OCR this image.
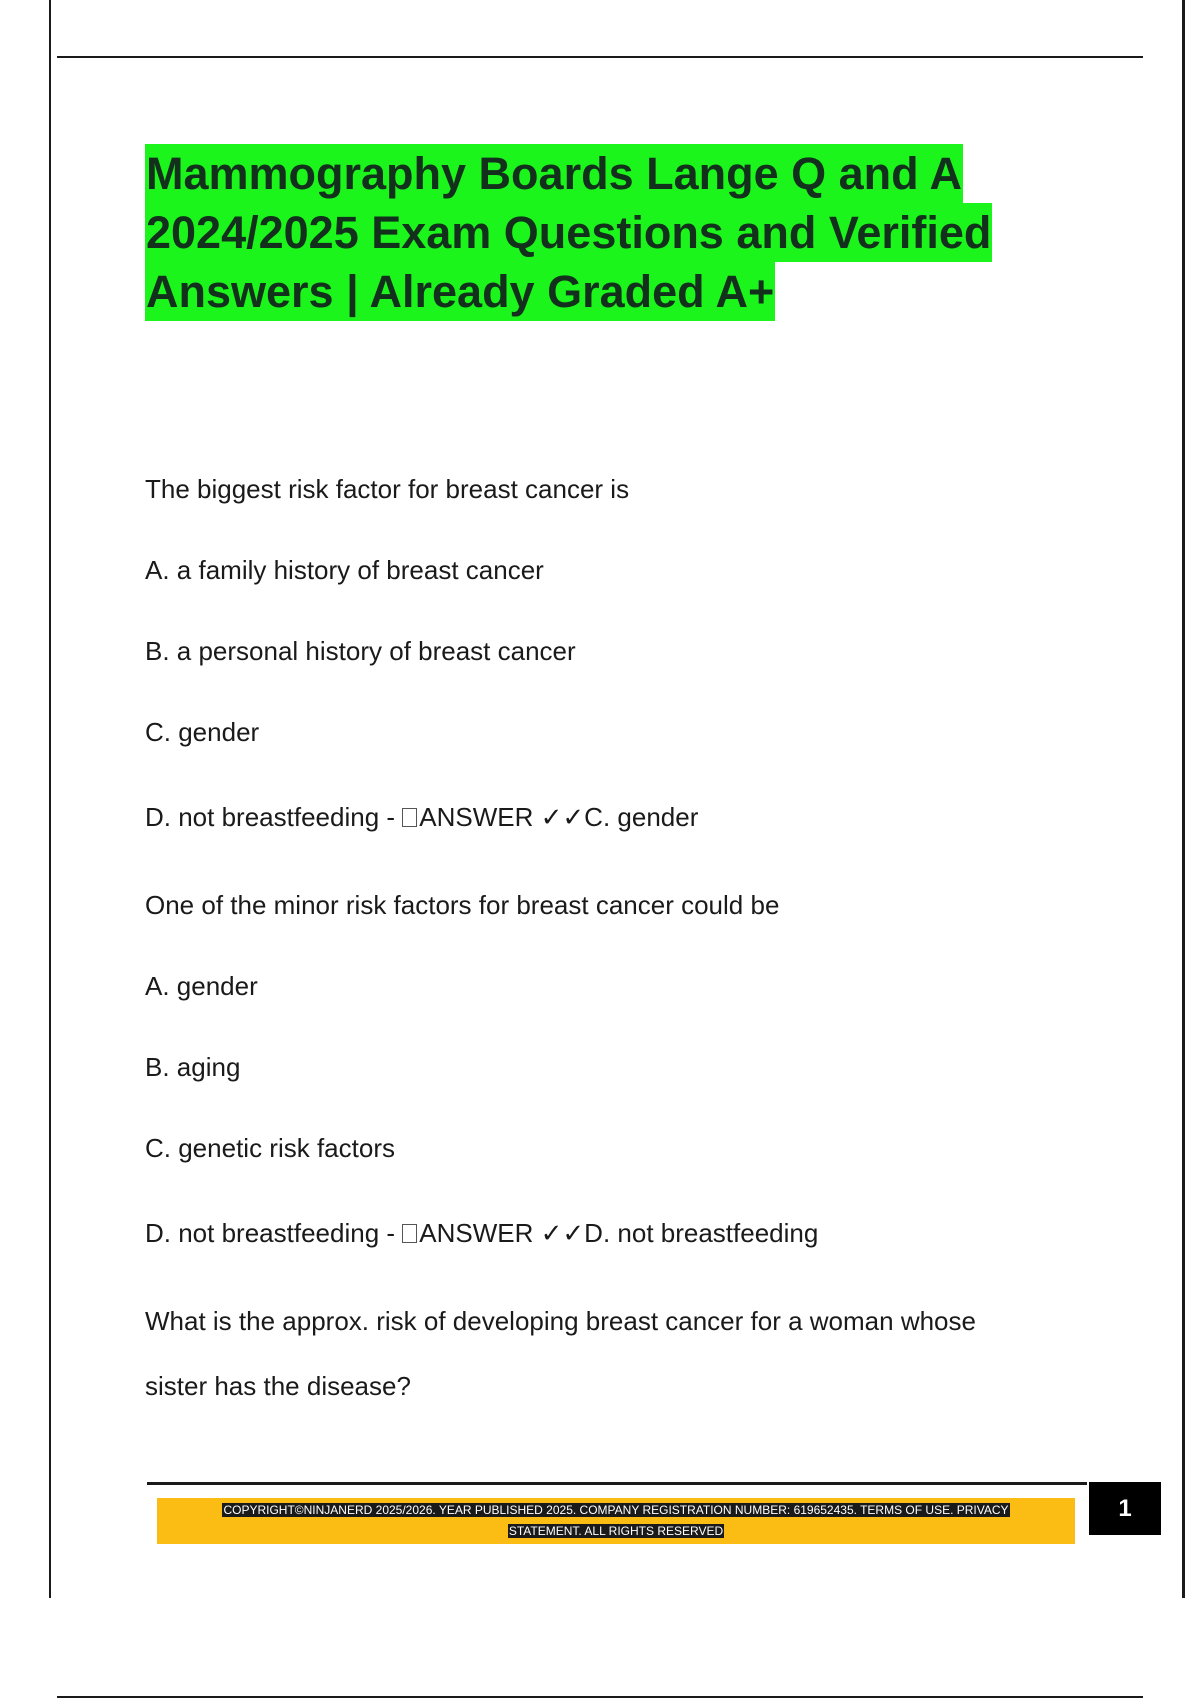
Mammography Boards Lange Q and A
2024/2025 Exam Questions and Verified
Answers | Already Graded A+
The biggest risk factor for breast cancer is
A. a family history of breast cancer
B. a personal history of breast cancer
C. gender
D. not breastfeeding - ANSWER ✓✓C. gender
One of the minor risk factors for breast cancer could be
A. gender
B. aging
C. genetic risk factors
D. not breastfeeding - ANSWER ✓✓D. not breastfeeding
What is the approx. risk of developing breast cancer for a woman whose
sister has the disease?
COPYRIGHT©NINJANERD 2025/2026. YEAR PUBLISHED 2025. COMPANY REGISTRATION NUMBER: 619652435. TERMS OF USE. PRIVACY
STATEMENT. ALL RIGHTS RESERVED
1
